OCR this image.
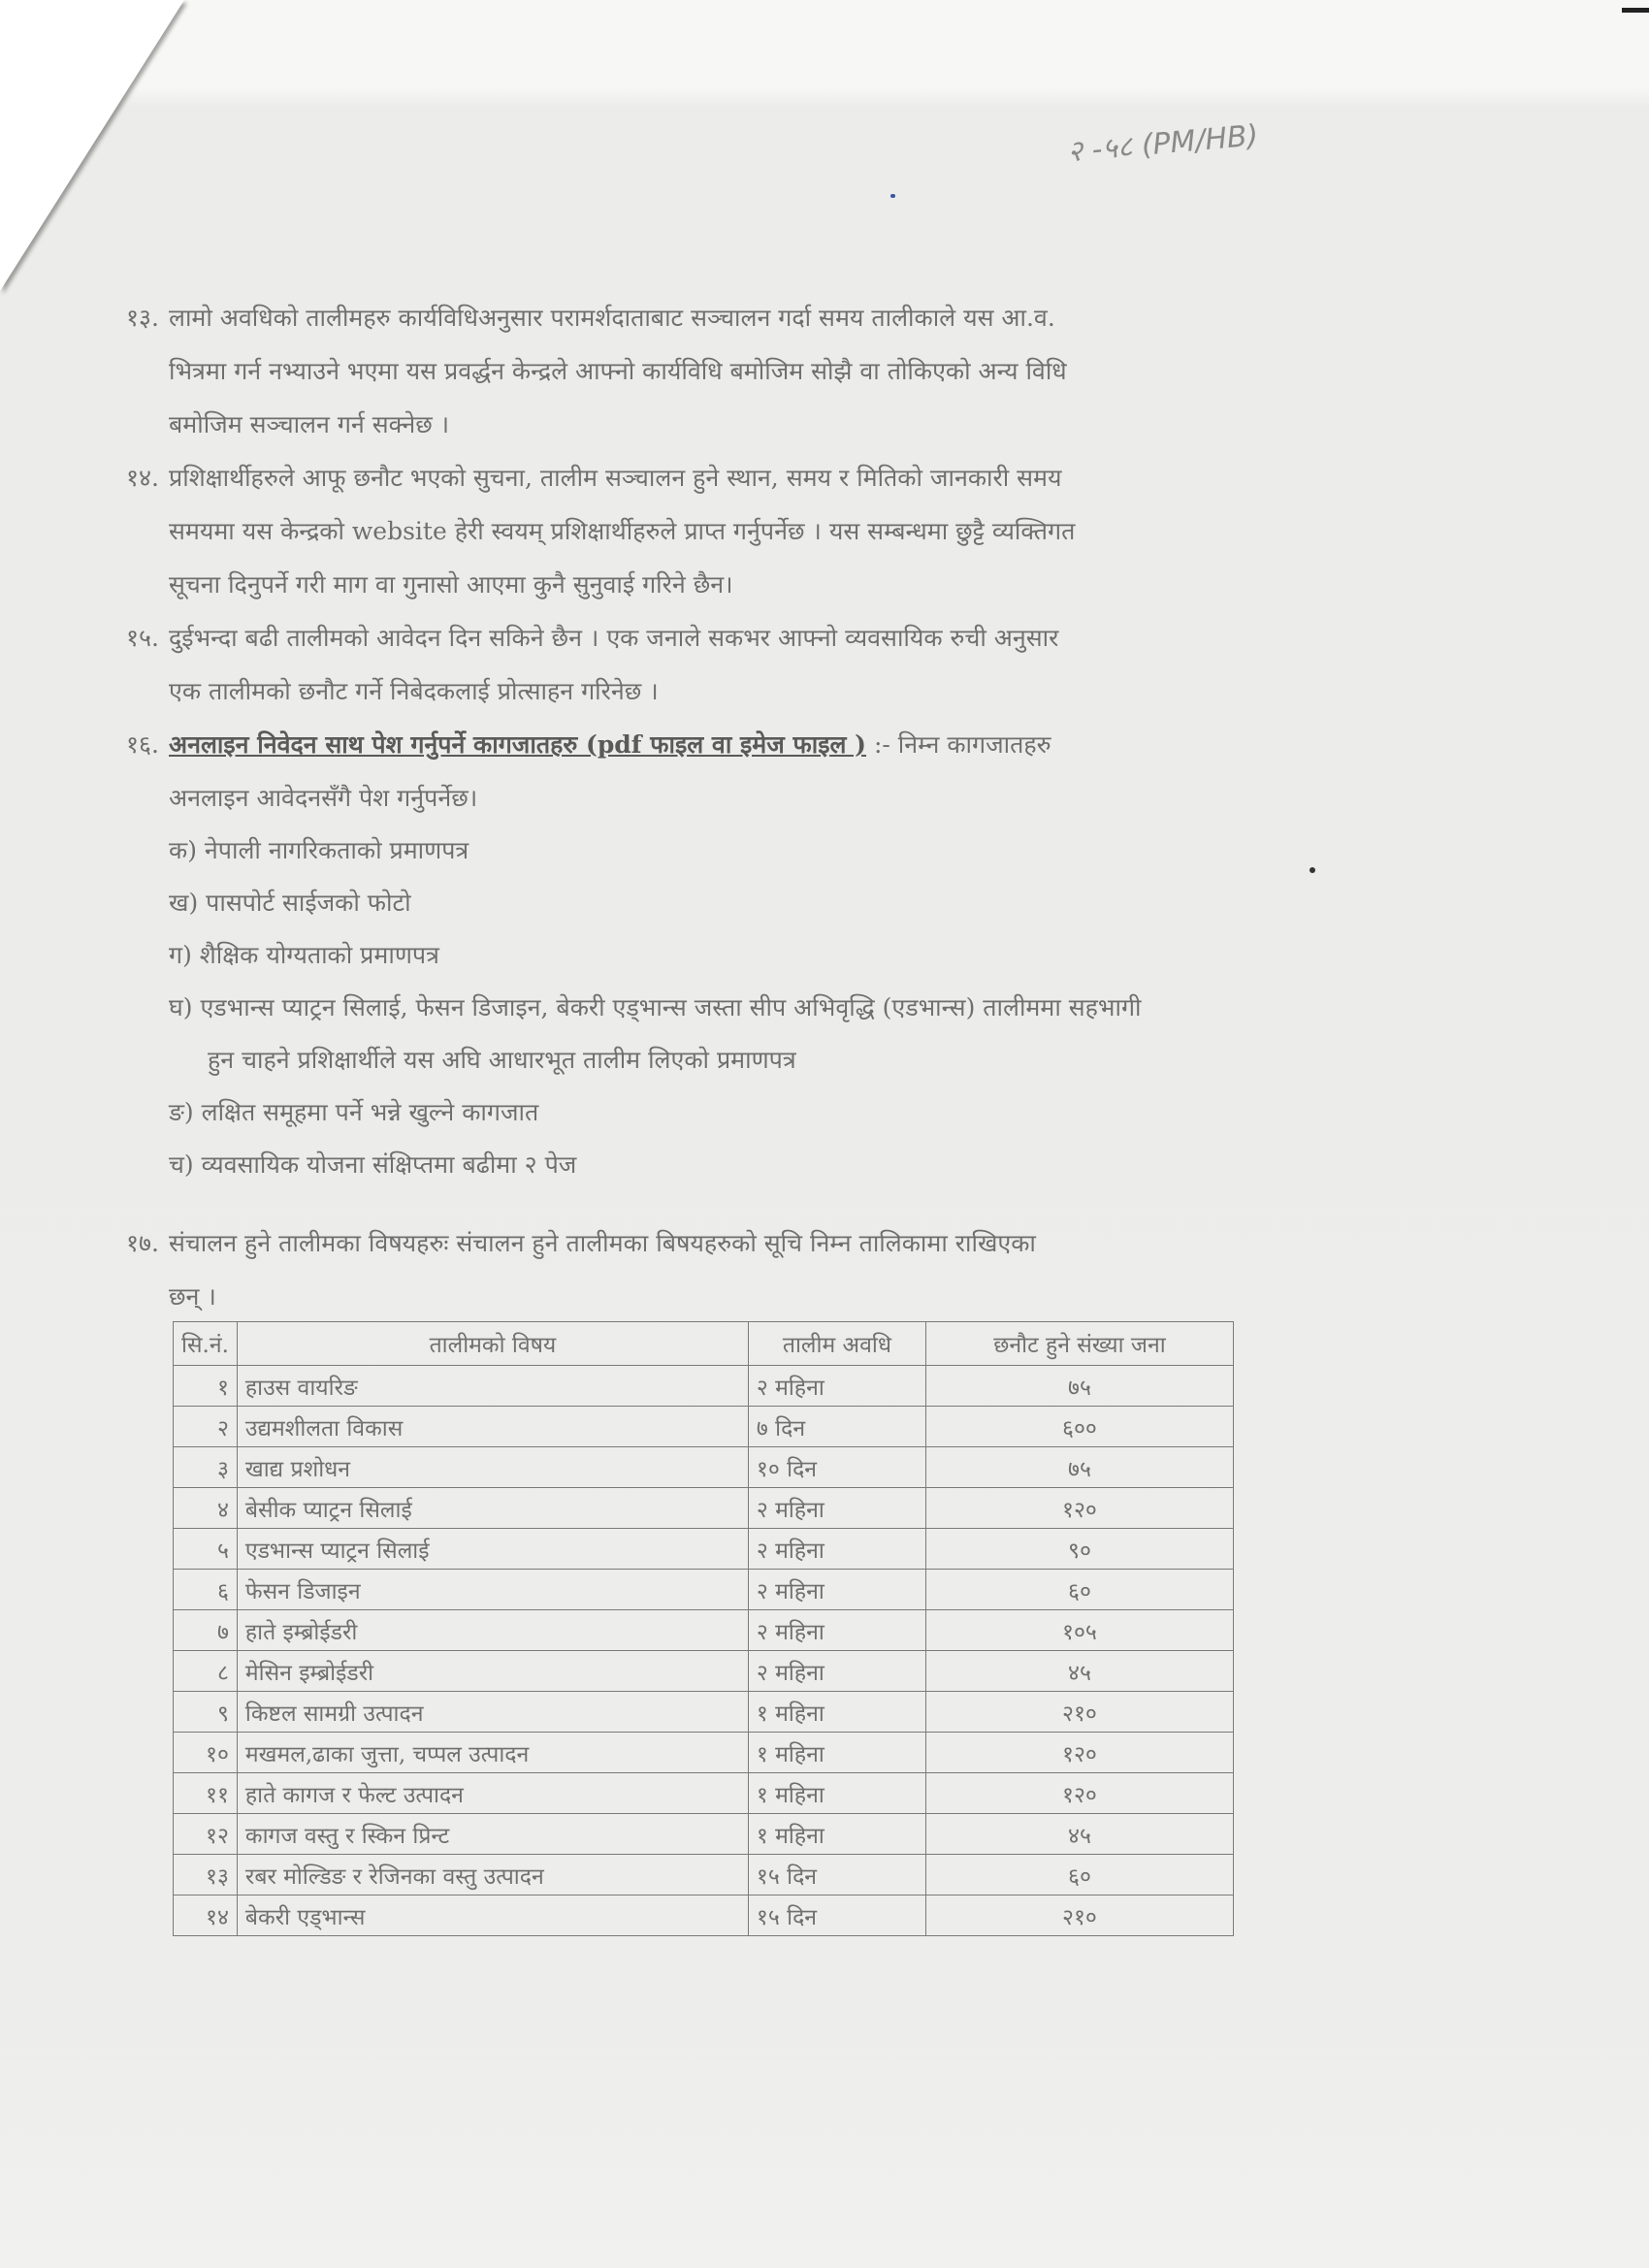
२ -५८ (PM/HB)

१३. लामो अवधिको तालीमहरु कार्यविधिअनुसार परामर्शदाताबाट सञ्चालन गर्दा समय तालीकाले यस आ.व.
भित्रमा गर्न नभ्याउने भएमा यस प्रवर्द्धन केन्द्रले आफ्नो कार्यविधि बमोजिम सोझै वा तोकिएको अन्य विधि
बमोजिम सञ्चालन गर्न सक्नेछ ।

१४. प्रशिक्षार्थीहरुले आफू छनौट भएको सुचना, तालीम सञ्चालन हुने स्थान, समय र मितिको जानकारी समय
समयमा यस केन्द्रको website हेरी स्वयम् प्रशिक्षार्थीहरुले प्राप्त गर्नुपर्नेछ । यस सम्बन्धमा छुट्टै व्यक्तिगत
सूचना दिनुपर्ने गरी माग वा गुनासो आएमा कुनै सुनुवाई गरिने छैन।

१५. दुईभन्दा बढी तालीमको आवेदन दिन सकिने छैन । एक जनाले सकभर आफ्नो व्यवसायिक रुची अनुसार
एक तालीमको छनौट गर्ने निबेदकलाई प्रोत्साहन गरिनेछ ।

१६. अनलाइन निवेदन साथ पेश गर्नुपर्ने कागजातहरु (pdf फाइल वा इमेज फाइल ) :- निम्न कागजातहरु
अनलाइन आवेदनसँगै पेश गर्नुपर्नेछ।

क) नेपाली नागरिकताको प्रमाणपत्र
ख) पासपोर्ट साईजको फोटो
ग) शैक्षिक योग्यताको प्रमाणपत्र
घ) एडभान्स प्याट्रन सिलाई, फेसन डिजाइन, बेकरी एड्भान्स जस्ता सीप अभिवृद्धि (एडभान्स) तालीममा सहभागी
हुन चाहने प्रशिक्षार्थीले यस अघि आधारभूत तालीम लिएको प्रमाणपत्र
ङ) लक्षित समूहमा पर्ने भन्ने खुल्ने कागजात
च) व्यवसायिक योजना संक्षिप्तमा बढीमा २ पेज

१७. संचालन हुने तालीमका विषयहरुः संचालन हुने तालीमका बिषयहरुको सूचि निम्न तालिकामा राखिएका
छन् ।

सि.नं.	तालीमको विषय	तालीम अवधि	छनौट हुने संख्या जना
१	हाउस वायरिङ	२ महिना	७५
२	उद्यमशीलता विकास	७ दिन	६००
३	खाद्य प्रशोधन	१० दिन	७५
४	बेसीक प्याट्रन सिलाई	२ महिना	१२०
५	एडभान्स प्याट्रन सिलाई	२ महिना	९०
६	फेसन डिजाइन	२ महिना	६०
७	हाते इम्ब्रोईडरी	२ महिना	१०५
८	मेसिन इम्ब्रोईडरी	२ महिना	४५
९	किष्टल सामग्री उत्पादन	१ महिना	२१०
१०	मखमल,ढाका जुत्ता, चप्पल उत्पादन	१ महिना	१२०
११	हाते कागज र फेल्ट उत्पादन	१ महिना	१२०
१२	कागज वस्तु र स्किन प्रिन्ट	१ महिना	४५
१३	रबर मोल्डिङ र रेजिनका वस्तु उत्पादन	१५ दिन	६०
१४	बेकरी एड्भान्स	१५ दिन	२१०
